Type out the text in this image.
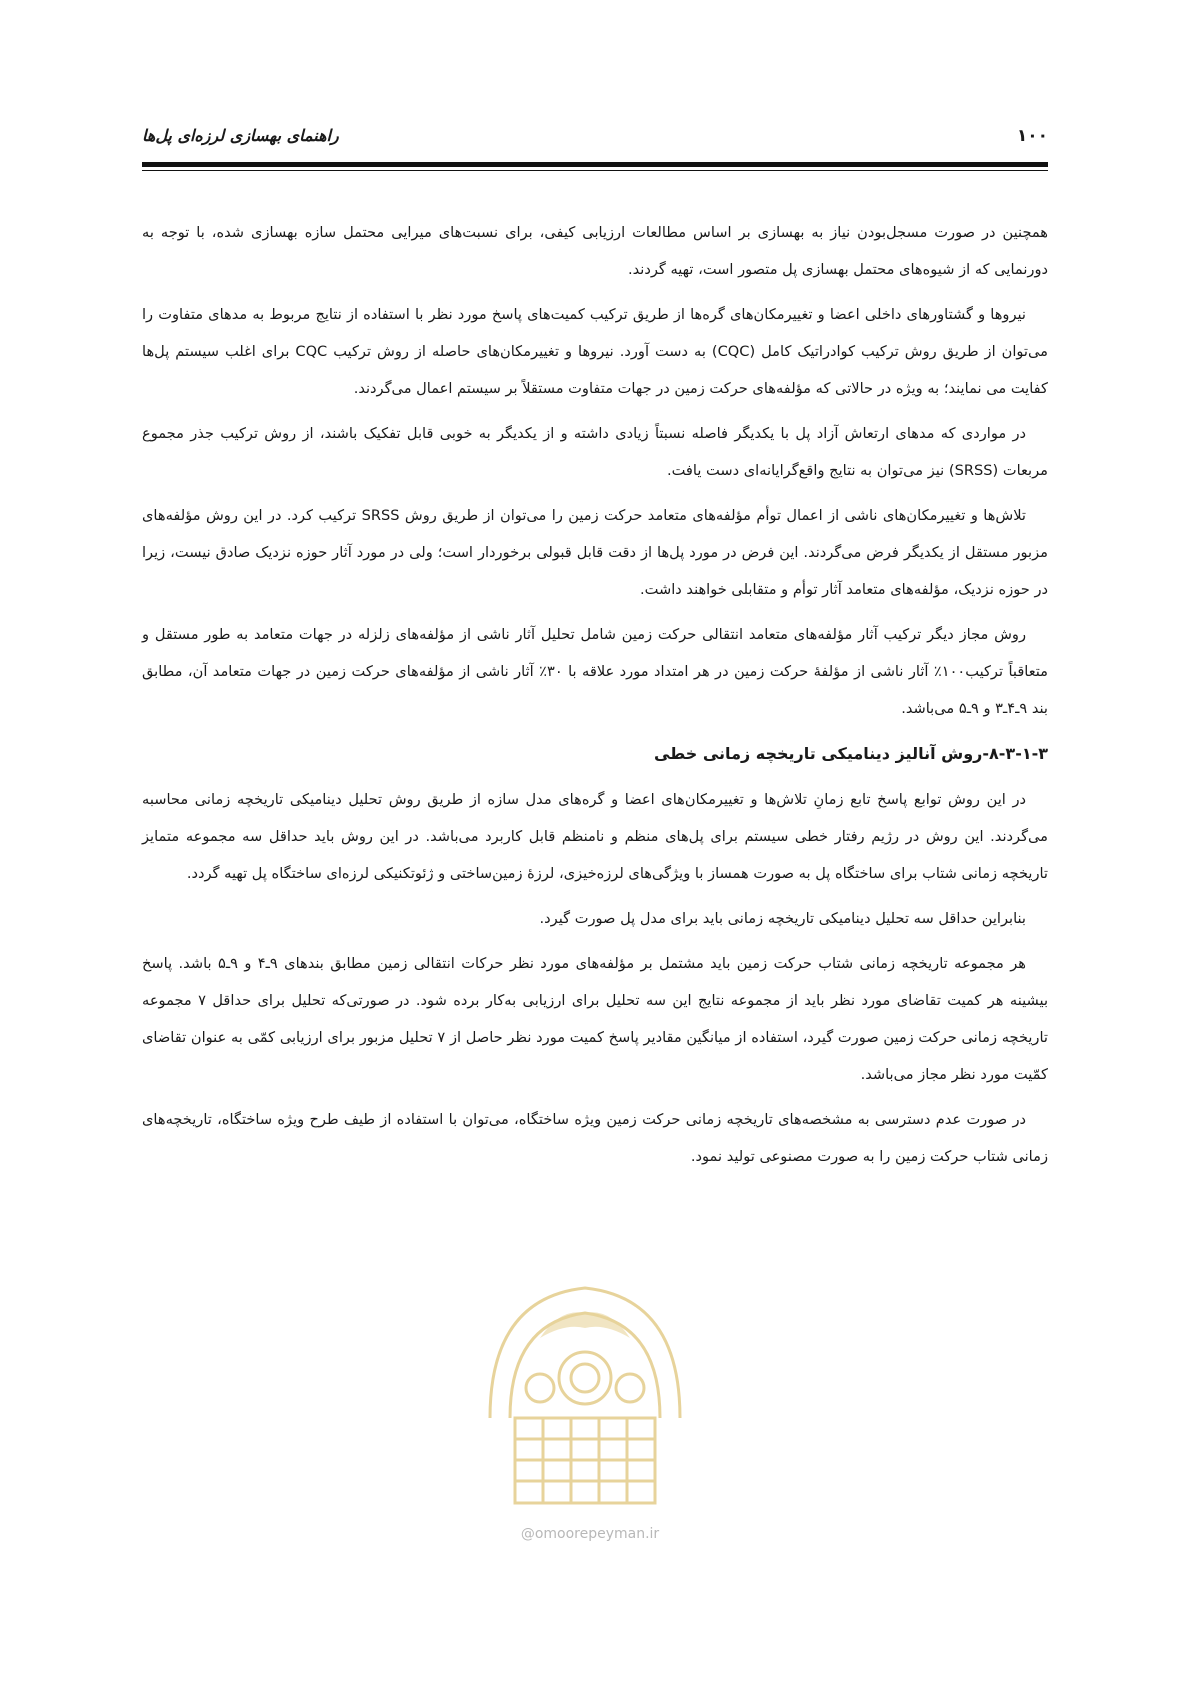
۱۰۰
راهنمای بهسازی لرزه‌ای پل‌ها

همچنین در صورت مسجل‌بودن نیاز به بهسازی بر اساس مطالعات ارزیابی کیفی، برای نسبت‌های میرایی محتمل سازه بهسازی شده، با توجه به دورنمایی که از شیوه‌های محتمل بهسازی پل متصور است، تهیه گردند.

نیروها و گشتاورهای داخلی اعضا و تغییرمکان‌های گره‌ها از طریق ترکیب کمیت‌های پاسخ مورد نظر با استفاده از نتایج مربوط به مدهای متفاوت را می‌توان از طریق روش ترکیب کوادراتیک کامل (CQC) به دست آورد. نیروها و تغییرمکان‌های حاصله از روش ترکیب CQC برای اغلب سیستم پل‌ها کفایت می نمایند؛ به ویژه در حالاتی که مؤلفه‌های حرکت زمین در جهات متفاوت مستقلاً بر سیستم اعمال می‌گردند.

در مواردی که مدهای ارتعاش آزاد پل با یکدیگر فاصله نسبتاً زیادی داشته و از یکدیگر به خوبی قابل تفکیک باشند، از روش ترکیب جذر مجموع مربعات (SRSS) نیز می‌توان به نتایج واقع‌گرایانه‌ای دست یافت.

تلاش‌ها و تغییرمکان‌های ناشی از اعمال توأم مؤلفه‌های متعامد حرکت زمین را می‌توان از طریق روش SRSS ترکیب کرد. در این روش مؤلفه‌های مزبور مستقل از یکدیگر فرض می‌گردند. این فرض در مورد پل‌ها از دقت قابل قبولی برخوردار است؛ ولی در مورد آثار حوزه نزدیک صادق نیست، زیرا در حوزه نزدیک، مؤلفه‌های متعامد آثار توأم و متقابلی خواهند داشت.

روش مجاز دیگر ترکیب آثار مؤلفه‌های متعامد انتقالی حرکت زمین شامل تحلیل آثار ناشی از مؤلفه‌های زلزله در جهات متعامد به طور مستقل و متعاقباً ترکیب۱۰۰٪ آثار ناشی از مؤلفهٔ حرکت زمین در هر امتداد مورد علاقه با ۳۰٪ آثار ناشی از مؤلفه‌های حرکت زمین در جهات متعامد آن، مطابق بند ۹ـ۴ـ۳ و ۹ـ۵ می‌باشد.

۸-۳-۱-۳-روش آنالیز دینامیکی تاریخچه زمانی خطی

در این روش توابع پاسخ تابع زمانِ تلاش‌ها و تغییرمکان‌های اعضا و گره‌های مدل سازه از طریق روش تحلیل دینامیکی تاریخچه زمانی محاسبه می‌گردند. این روش در رژیم رفتار خطی سیستم برای پل‌های منظم و نامنظم قابل کاربرد می‌باشد. در این روش باید حداقل سه مجموعه متمایز تاریخچه زمانی شتاب برای ساختگاه پل به صورت همساز با ویژگی‌های لرزه‌خیزی، لرزهٔ زمین‌ساختی و ژئوتکنیکی لرزه‌ای ساختگاه پل تهیه گردد.

بنابراین حداقل سه تحلیل دینامیکی تاریخچه زمانی باید برای مدل پل صورت گیرد.

هر مجموعه تاریخچه زمانی شتاب حرکت زمین باید مشتمل بر مؤلفه‌های مورد نظر حرکات انتقالی زمین مطابق بندهای ۹ـ۴ و ۹ـ۵ باشد. پاسخ بیشینه هر کمیت تقاضای مورد نظر باید از مجموعه نتایج این سه تحلیل برای ارزیابی به‌کار برده شود. در صورتی‌که تحلیل برای حداقل ۷ مجموعه تاریخچه زمانی حرکت زمین صورت گیرد، استفاده از میانگین مقادیر پاسخ کمیت مورد نظر حاصل از ۷ تحلیل مزبور برای ارزیابی کمّی به عنوان تقاضای کمّیت مورد نظر مجاز می‌باشد.

در صورت عدم دسترسی به مشخصه‌های تاریخچه زمانی حرکت زمین ویژه ساختگاه، می‌توان با استفاده از طیف طرح ویژه ساختگاه، تاریخچه‌های زمانی شتاب حرکت زمین را به صورت مصنوعی تولید نمود.

@omoorepeyman.ir
